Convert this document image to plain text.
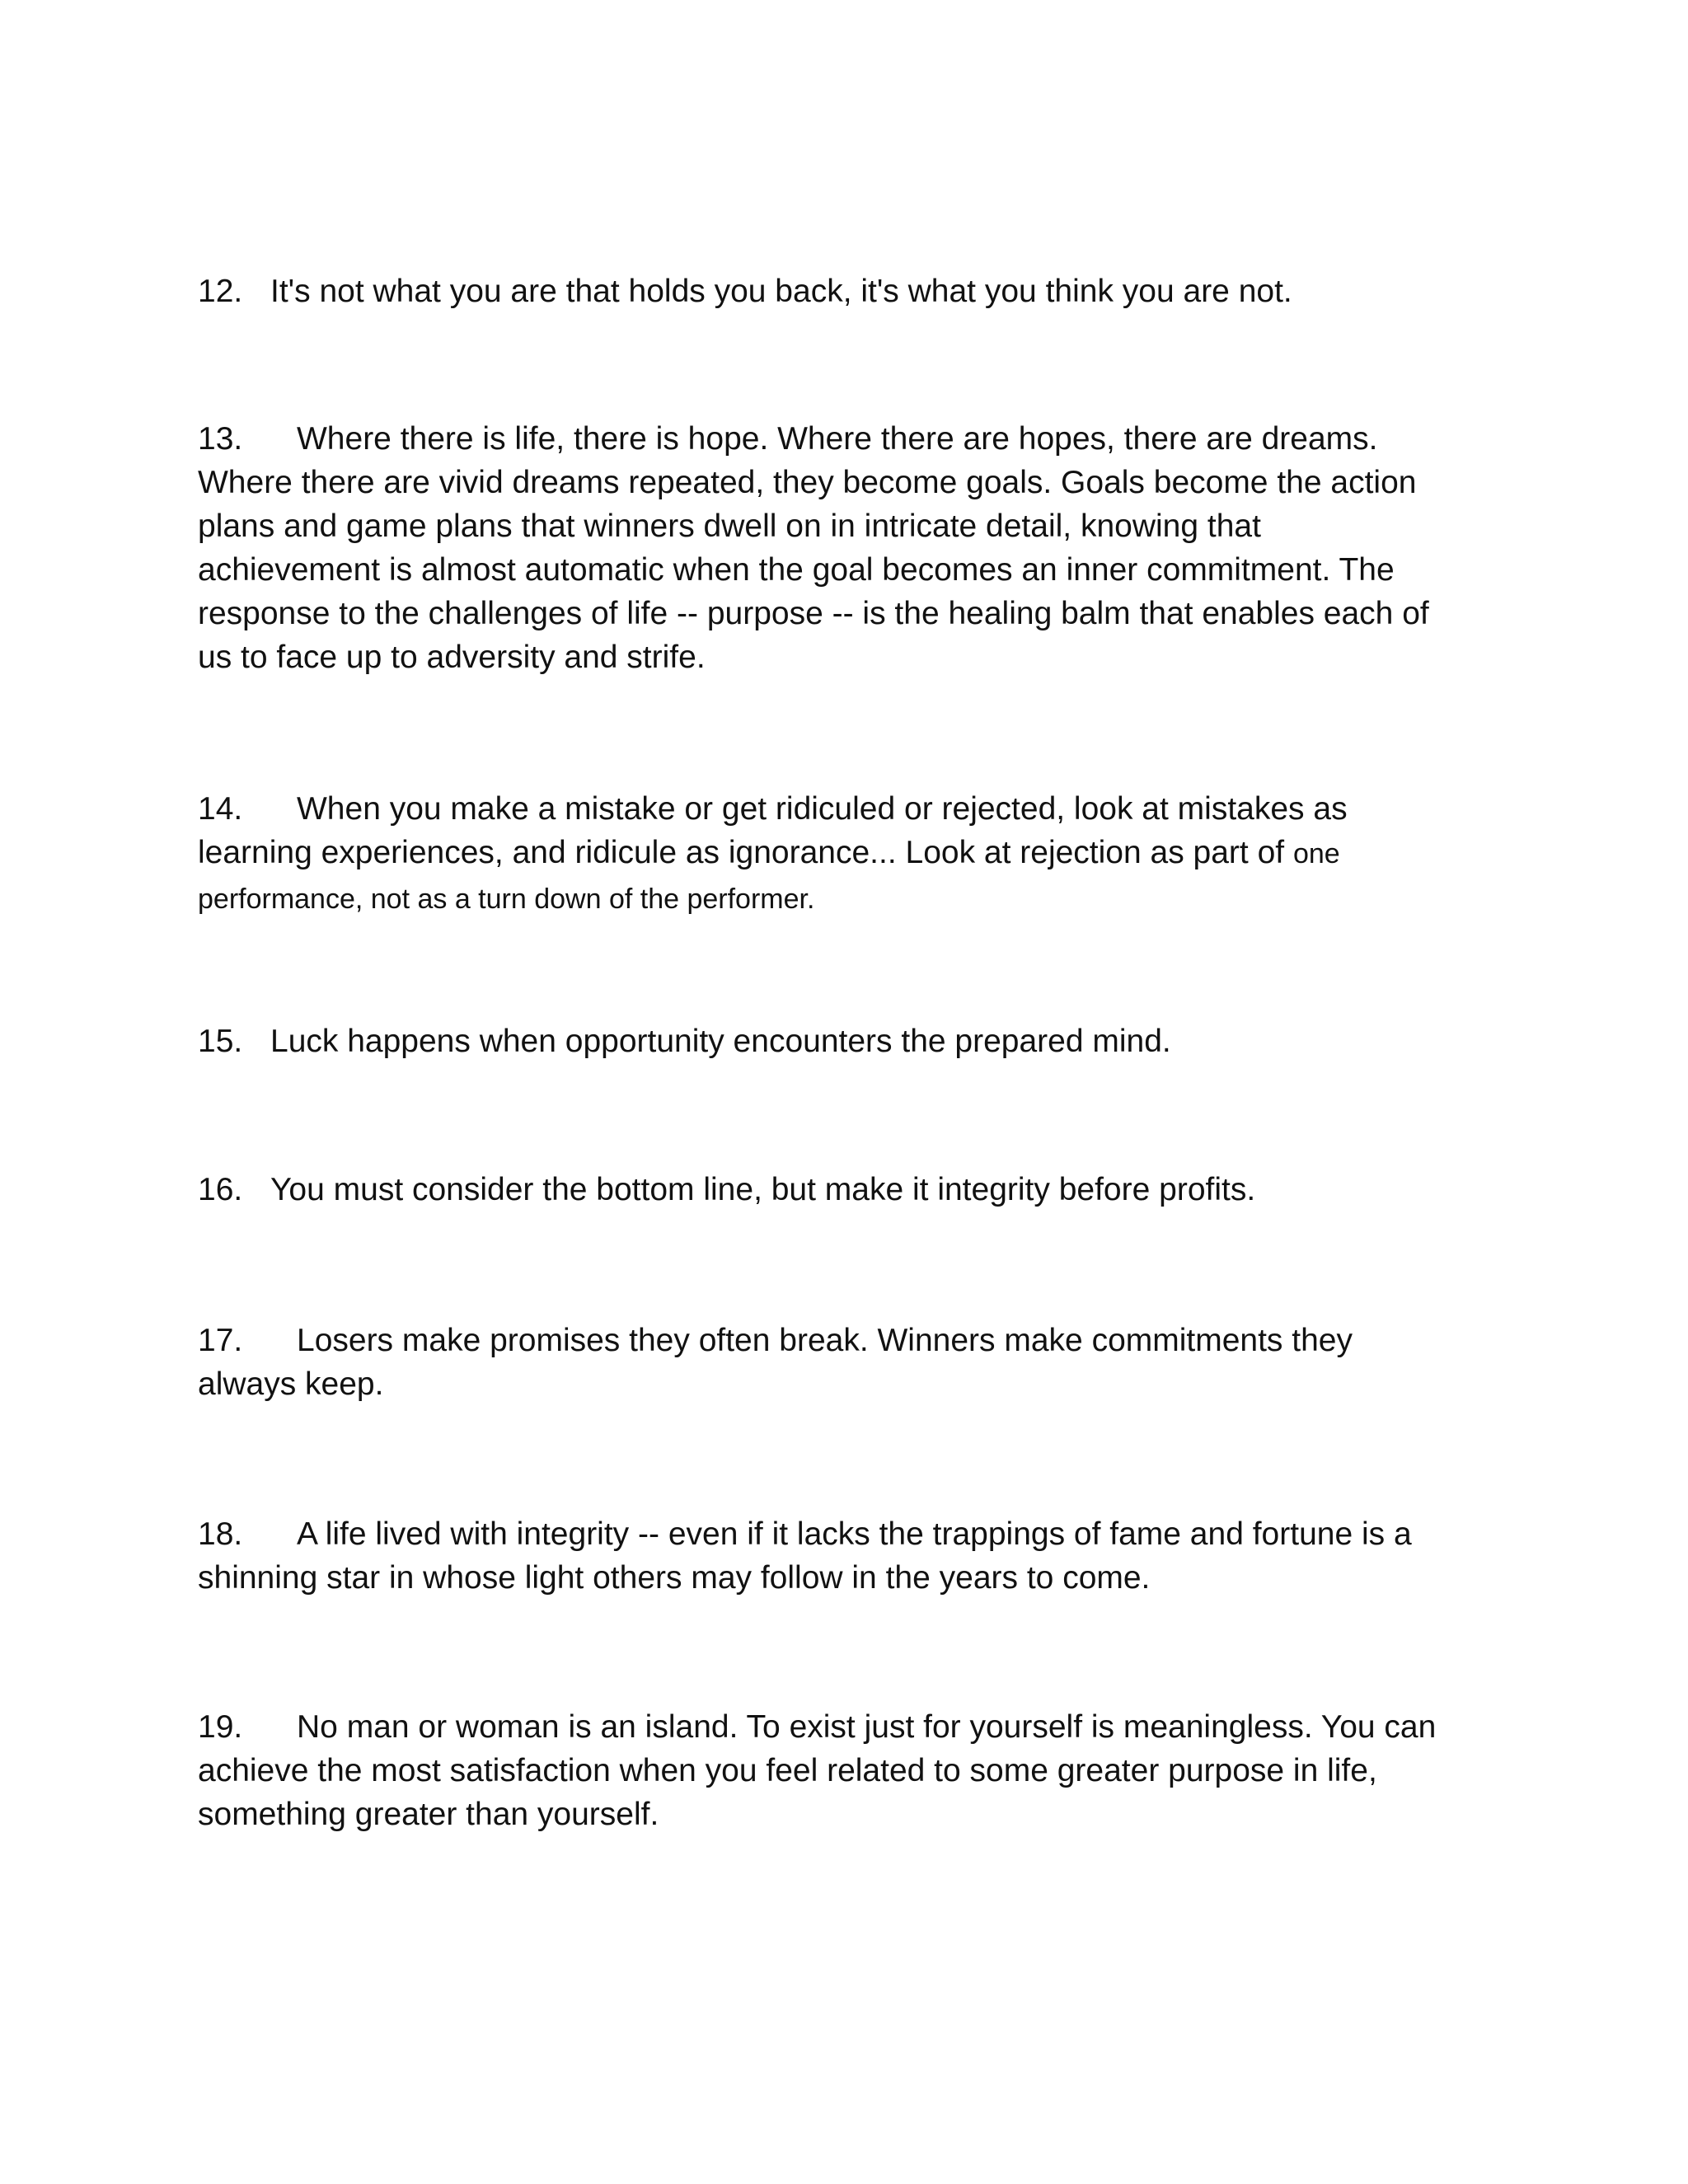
12. It's not what you are that holds you back, it's what you think you are not.

13. Where there is life, there is hope. Where there are hopes, there are dreams. Where there are vivid dreams repeated, they become goals. Goals become the action plans and game plans that winners dwell on in intricate detail, knowing that achievement is almost automatic when the goal becomes an inner commitment. The response to the challenges of life -- purpose -- is the healing balm that enables each of us to face up to adversity and strife.

14. When you make a mistake or get ridiculed or rejected, look at mistakes as learning experiences, and ridicule as ignorance... Look at rejection as part of one performance, not as a turn down of the performer.

15. Luck happens when opportunity encounters the prepared mind.

16. You must consider the bottom line, but make it integrity before profits.

17. Losers make promises they often break. Winners make commitments they always keep.

18. A life lived with integrity -- even if it lacks the trappings of fame and fortune is a shinning star in whose light others may follow in the years to come.

19. No man or woman is an island. To exist just for yourself is meaningless. You can achieve the most satisfaction when you feel related to some greater purpose in life, something greater than yourself.
